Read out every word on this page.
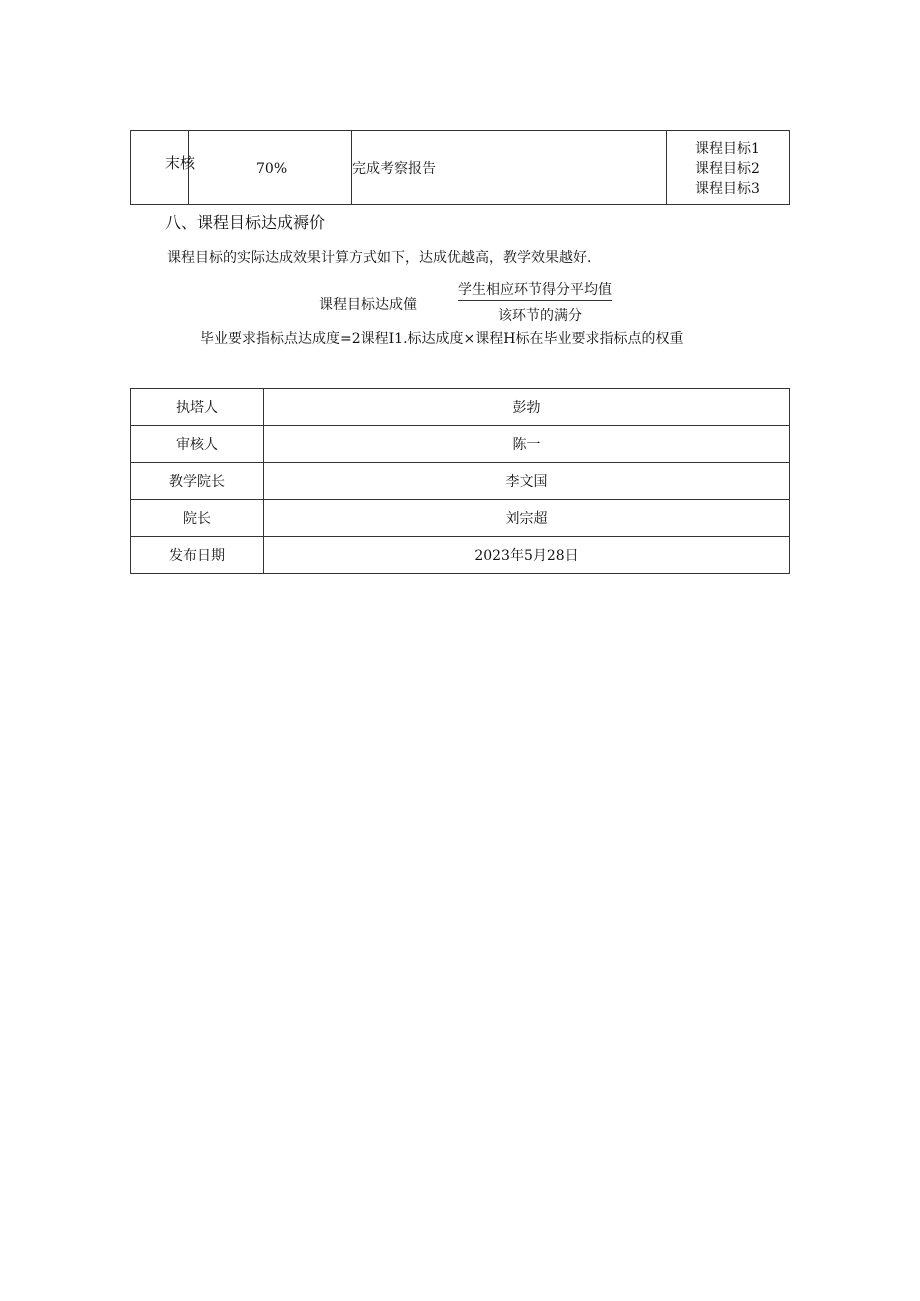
末核	70%	完成考察报告
课程目标1
课程目标2
课程目标3
八、课程目标达成褥价
课程目标的实际达成效果计算方式如下，达成优越高，教学效果越好.
课程目标达成僮
学生相应环节得分平均值
该环节的满分
毕业要求指标点达成度=2课程I1.标达成度×课程H标在毕业要求指标点的权重
执塔人	彭勃
审核人	陈一
教学院长	李文国
院长	刘宗超
发布日期	2023年5月28日
